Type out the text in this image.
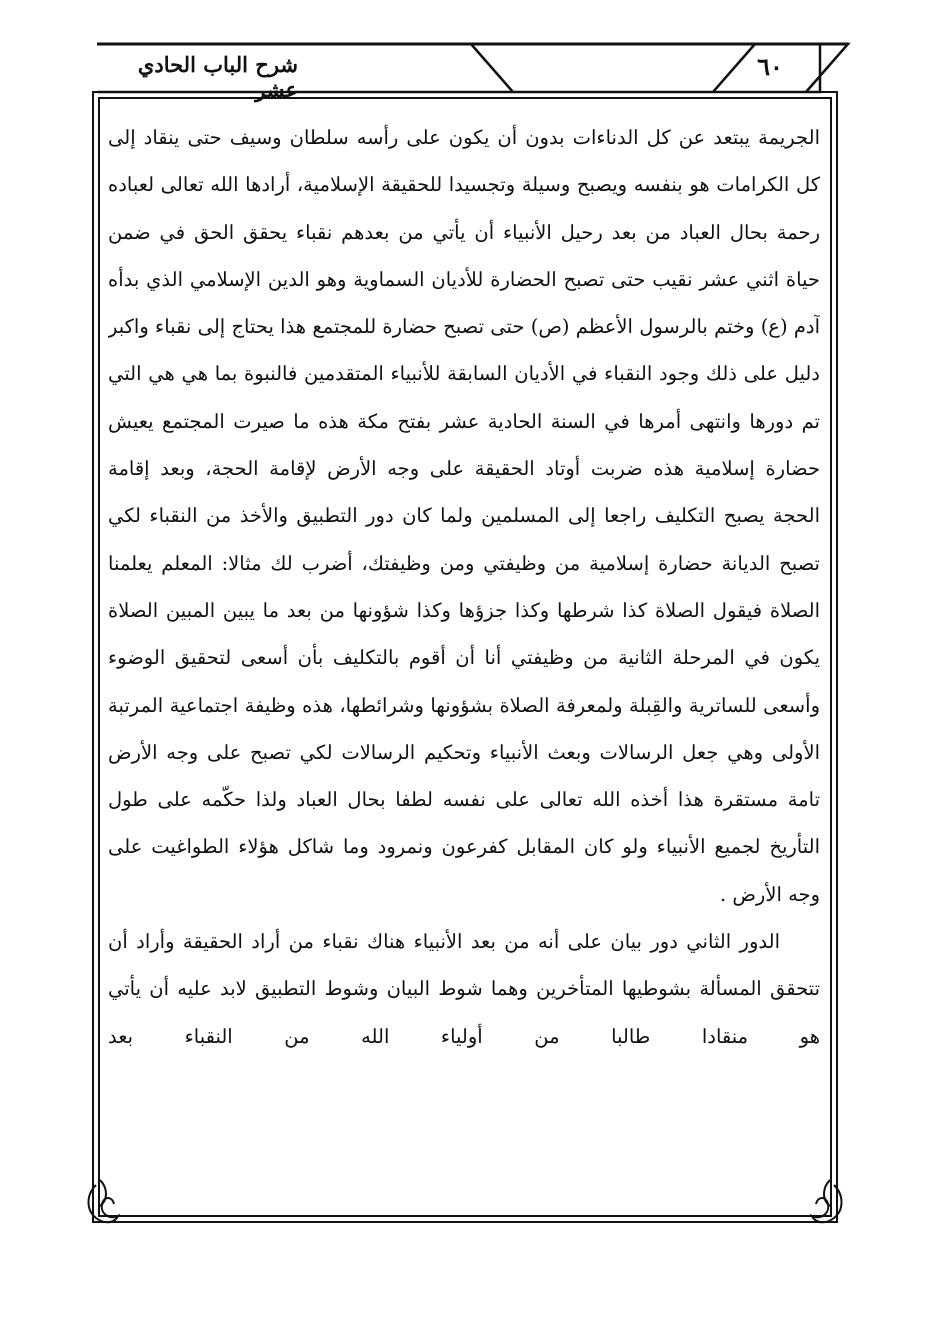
٦٠
شرح الباب الحادي عشر

الجريمة يبتعد عن كل الدناءات بدون أن يكون على رأسه سلطان وسيف حتى ينقاد إلى كل الكرامات هو بنفسه ويصبح وسيلة وتجسيدا للحقيقة الإسلامية، أرادها الله تعالى لعباده رحمة بحال العباد من بعد رحيل الأنبياء أن يأتي من بعدهم نقباء يحقق الحق في ضمن حياة اثني عشر نقيب حتى تصبح الحضارة للأديان السماوية وهو الدين الإسلامي الذي بدأه آدم (ع) وختم بالرسول الأعظم (ص) حتى تصبح حضارة للمجتمع هذا يحتاج إلى نقباء واكبر دليل على ذلك وجود النقباء في الأديان السابقة للأنبياء المتقدمين فالنبوة بما هي هي التي تم دورها وانتهى أمرها في السنة الحادية عشر بفتح مكة هذه ما صيرت المجتمع يعيش حضارة إسلامية هذه ضربت أوتاد الحقيقة على وجه الأرض لإقامة الحجة، وبعد إقامة الحجة يصبح التكليف راجعا إلى المسلمين ولما كان دور التطبيق والأخذ من النقباء لكي تصبح الديانة حضارة إسلامية من وظيفتي ومن وظيفتك، أضرب لك مثالا: المعلم يعلمنا الصلاة فيقول الصلاة كذا شرطها وكذا جزؤها وكذا شؤونها من بعد ما يبين المبين الصلاة يكون في المرحلة الثانية من وظيفتي أنا أن أقوم بالتكليف بأن أسعى لتحقيق الوضوء وأسعى للساترية والقِبلة ولمعرفة الصلاة بشؤونها وشرائطها، هذه وظيفة اجتماعية المرتبة الأولى وهي جعل الرسالات وبعث الأنبياء وتحكيم الرسالات لكي تصبح على وجه الأرض تامة مستقرة هذا أخذه الله تعالى على نفسه لطفا بحال العباد ولذا حكّمه على طول التأريخ لجميع الأنبياء ولو كان المقابل كفرعون ونمرود وما شاكل هؤلاء الطواغيت على وجه الأرض .

الدور الثاني دور بيان على أنه من بعد الأنبياء هناك نقباء من أراد الحقيقة وأراد أن تتحقق المسألة بشوطيها المتأخرين وهما شوط البيان وشوط التطبيق لابد عليه أن يأتي هو منقادا طالبا من أولياء الله من النقباء بعد
